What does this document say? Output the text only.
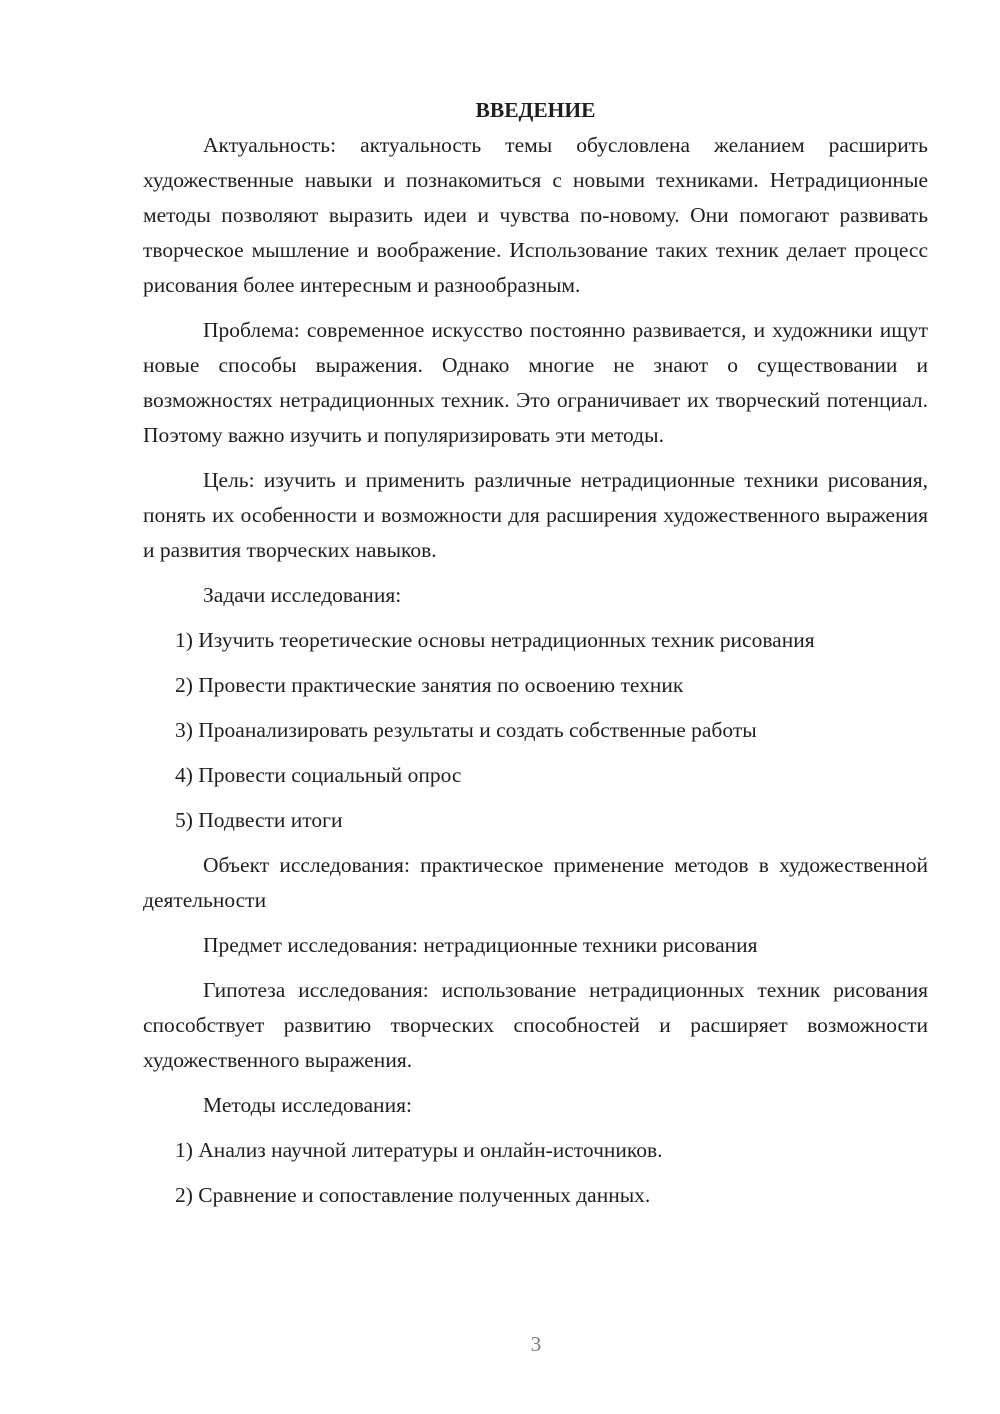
ВВЕДЕНИЕ

Актуальность: актуальность темы обусловлена желанием расширить художественные навыки и познакомиться с новыми техниками. Нетрадиционные методы позволяют выразить идеи и чувства по-новому. Они помогают развивать творческое мышление и воображение. Использование таких техник делает процесс рисования более интересным и разнообразным.

Проблема: современное искусство постоянно развивается, и художники ищут новые способы выражения. Однако многие не знают о существовании и возможностях нетрадиционных техник. Это ограничивает их творческий потенциал. Поэтому важно изучить и популяризировать эти методы.

Цель: изучить и применить различные нетрадиционные техники рисования, понять их особенности и возможности для расширения художественного выражения и развития творческих навыков.

Задачи исследования:

1) Изучить теоретические основы нетрадиционных техник рисования

2) Провести практические занятия по освоению техник

3) Проанализировать результаты и создать собственные работы

4) Провести социальный опрос

5) Подвести итоги

Объект исследования: практическое применение методов в художественной деятельности

Предмет исследования: нетрадиционные техники рисования

Гипотеза исследования: использование нетрадиционных техник рисования способствует развитию творческих способностей и расширяет возможности художественного выражения.

Методы исследования:

1) Анализ научной литературы и онлайн-источников.

2) Сравнение и сопоставление полученных данных.

3
